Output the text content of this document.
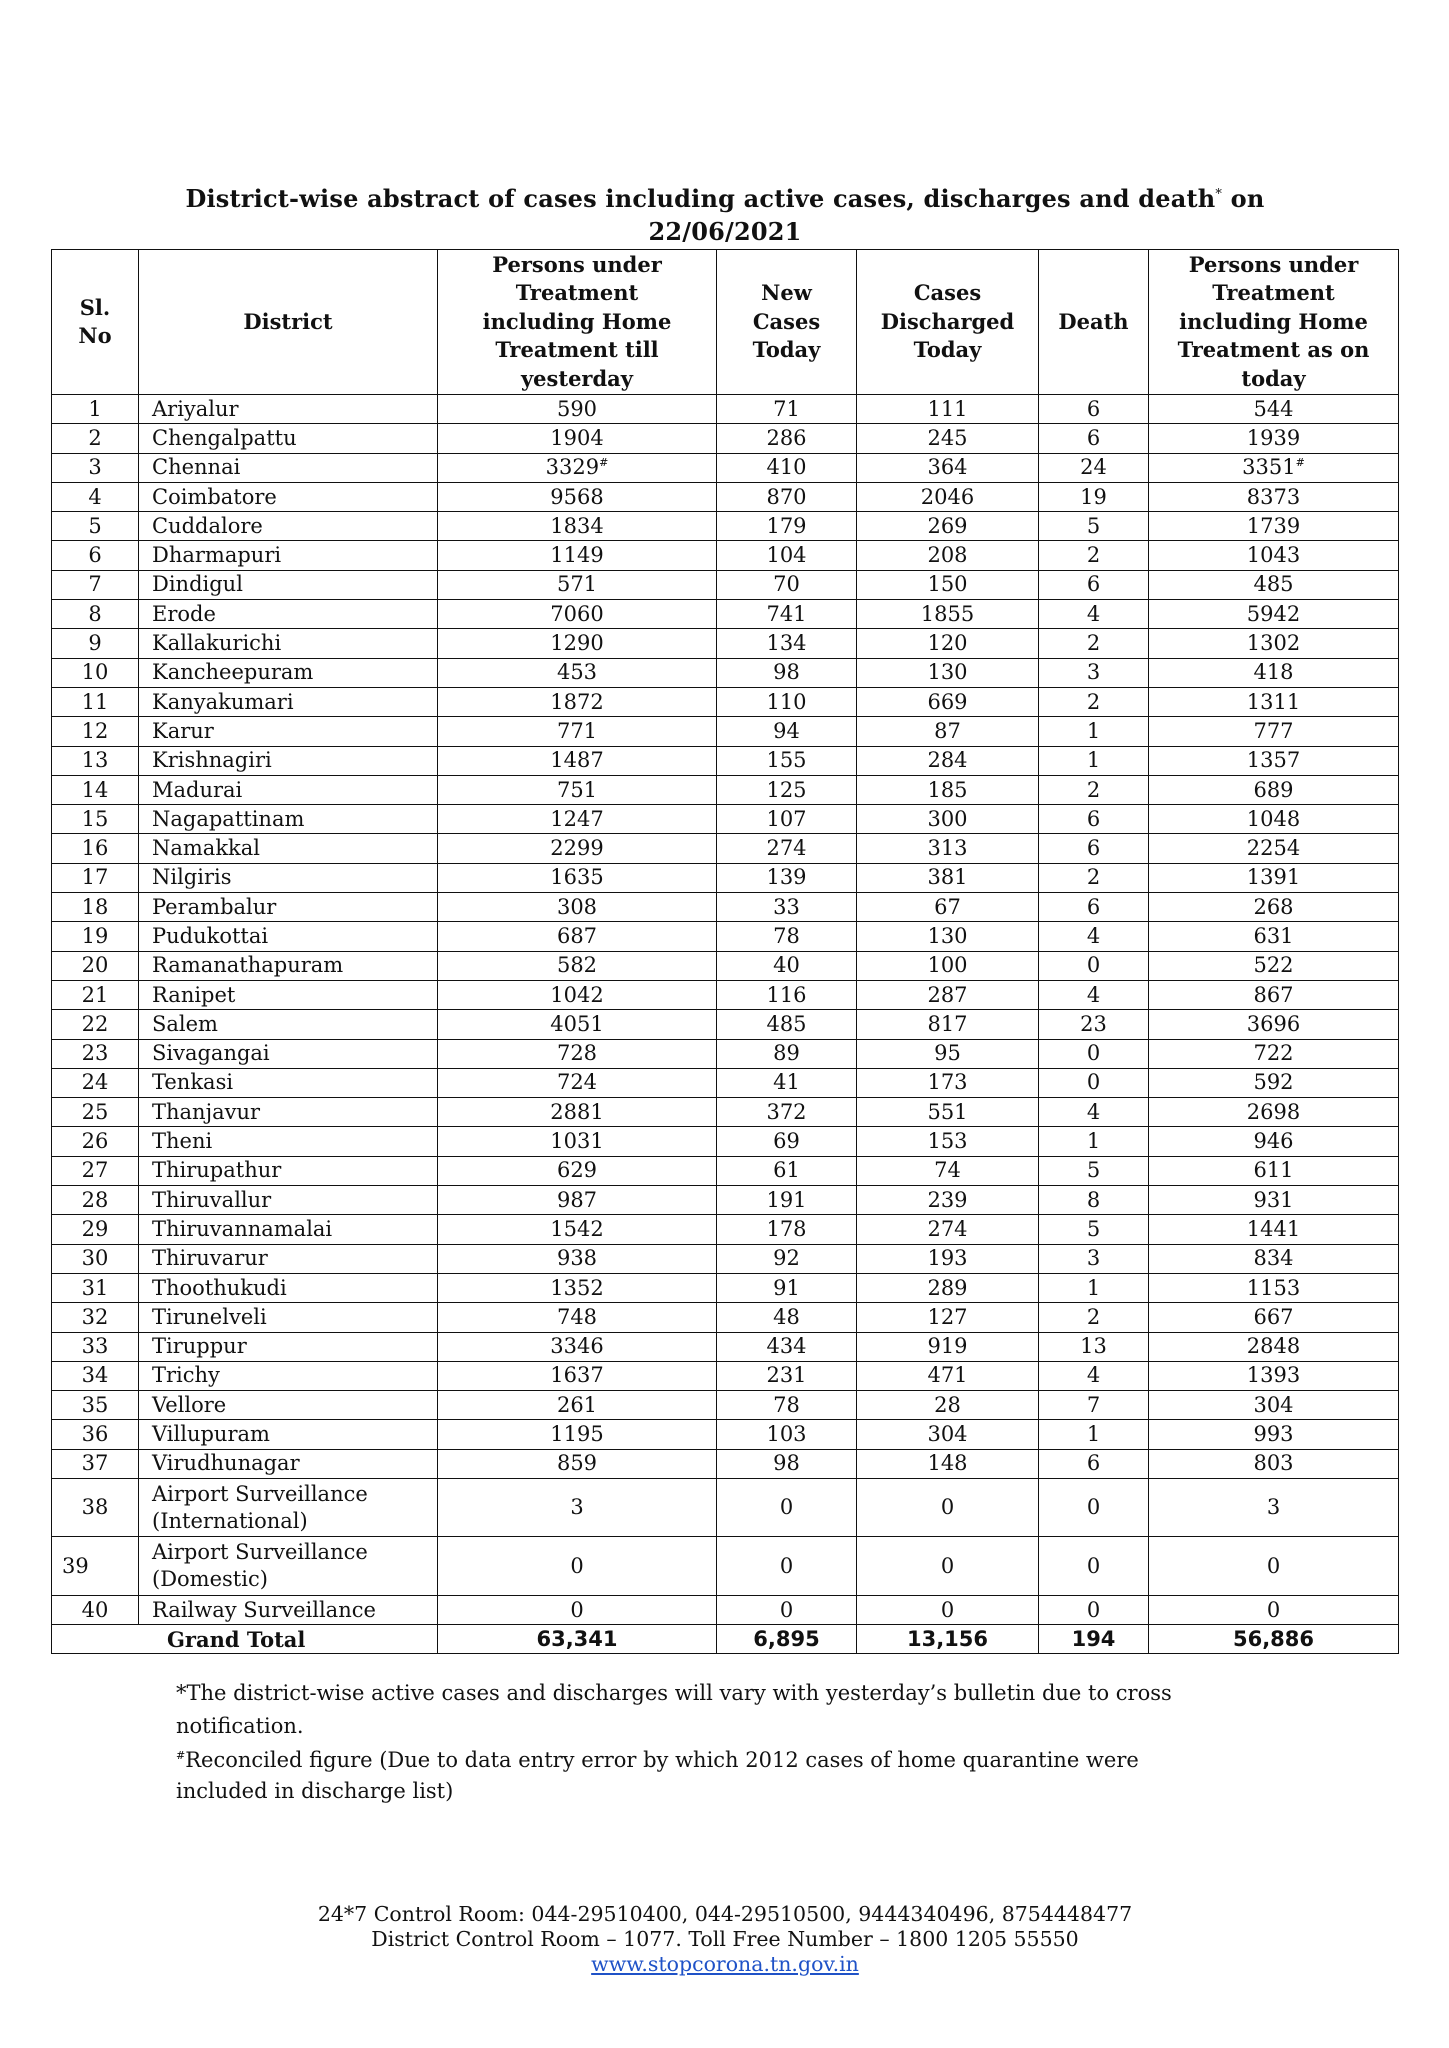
District-wise abstract of cases including active cases, discharges and death* on
22/06/2021
Sl.
No	District	Persons under Treatment including Home Treatment till yesterday	New Cases Today	Cases Discharged Today	Death	Persons under Treatment including Home Treatment as on today
1	Ariyalur	590	71	111	6	544
2	Chengalpattu	1904	286	245	6	1939
3	Chennai	3329#	410	364	24	3351#
4	Coimbatore	9568	870	2046	19	8373
5	Cuddalore	1834	179	269	5	1739
6	Dharmapuri	1149	104	208	2	1043
7	Dindigul	571	70	150	6	485
8	Erode	7060	741	1855	4	5942
9	Kallakurichi	1290	134	120	2	1302
10	Kancheepuram	453	98	130	3	418
11	Kanyakumari	1872	110	669	2	1311
12	Karur	771	94	87	1	777
13	Krishnagiri	1487	155	284	1	1357
14	Madurai	751	125	185	2	689
15	Nagapattinam	1247	107	300	6	1048
16	Namakkal	2299	274	313	6	2254
17	Nilgiris	1635	139	381	2	1391
18	Perambalur	308	33	67	6	268
19	Pudukottai	687	78	130	4	631
20	Ramanathapuram	582	40	100	0	522
21	Ranipet	1042	116	287	4	867
22	Salem	4051	485	817	23	3696
23	Sivagangai	728	89	95	0	722
24	Tenkasi	724	41	173	0	592
25	Thanjavur	2881	372	551	4	2698
26	Theni	1031	69	153	1	946
27	Thirupathur	629	61	74	5	611
28	Thiruvallur	987	191	239	8	931
29	Thiruvannamalai	1542	178	274	5	1441
30	Thiruvarur	938	92	193	3	834
31	Thoothukudi	1352	91	289	1	1153
32	Tirunelveli	748	48	127	2	667
33	Tiruppur	3346	434	919	13	2848
34	Trichy	1637	231	471	4	1393
35	Vellore	261	78	28	7	304
36	Villupuram	1195	103	304	1	993
37	Virudhunagar	859	98	148	6	803
38	Airport Surveillance
(International)	3	0	0	0	3
39	Airport Surveillance
(Domestic)	0	0	0	0	0
40	Railway Surveillance	0	0	0	0	0
Grand Total		63,341	6,895	13,156	194	56,886

*The district-wise active cases and discharges will vary with yesterday’s bulletin due to cross notification.

#Reconciled figure (Due to data entry error by which 2012 cases of home quarantine were included in discharge list)

24*7 Control Room: 044-29510400, 044-29510500, 9444340496, 8754448477
District Control Room – 1077. Toll Free Number – 1800 1205 55550
www.stopcorona.tn.gov.in
